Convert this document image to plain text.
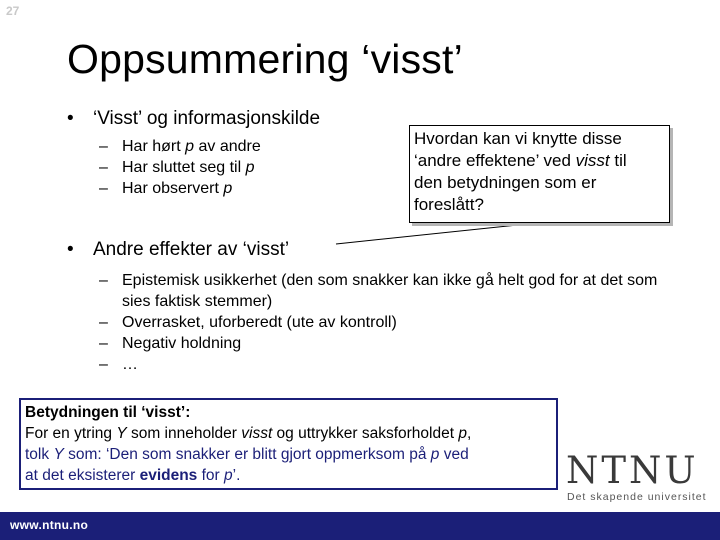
27
Oppsummering ‘visst’
•	‘Visst’ og informasjonskilde
– Har hørt p av andre
– Har sluttet seg til p
– Har observert p
Hvordan kan vi knytte disse
‘andre effektene’ ved visst til
den betydningen som er
foreslått?
•	Andre effekter av ‘visst’
– Epistemisk usikkerhet (den som snakker kan ikke gå helt god for at det som sies faktisk stemmer)
– Overrasket, uforberedt (ute av kontroll)
– Negativ holdning
– …
Betydningen til ‘visst’:
For en ytring Y som inneholder visst og uttrykker saksforholdet p,
tolk Y som: ‘Den som snakker er blitt gjort oppmerksom på p ved
at det eksisterer evidens for p’.	NTNU
Det skapende universitet
www.ntnu.no
